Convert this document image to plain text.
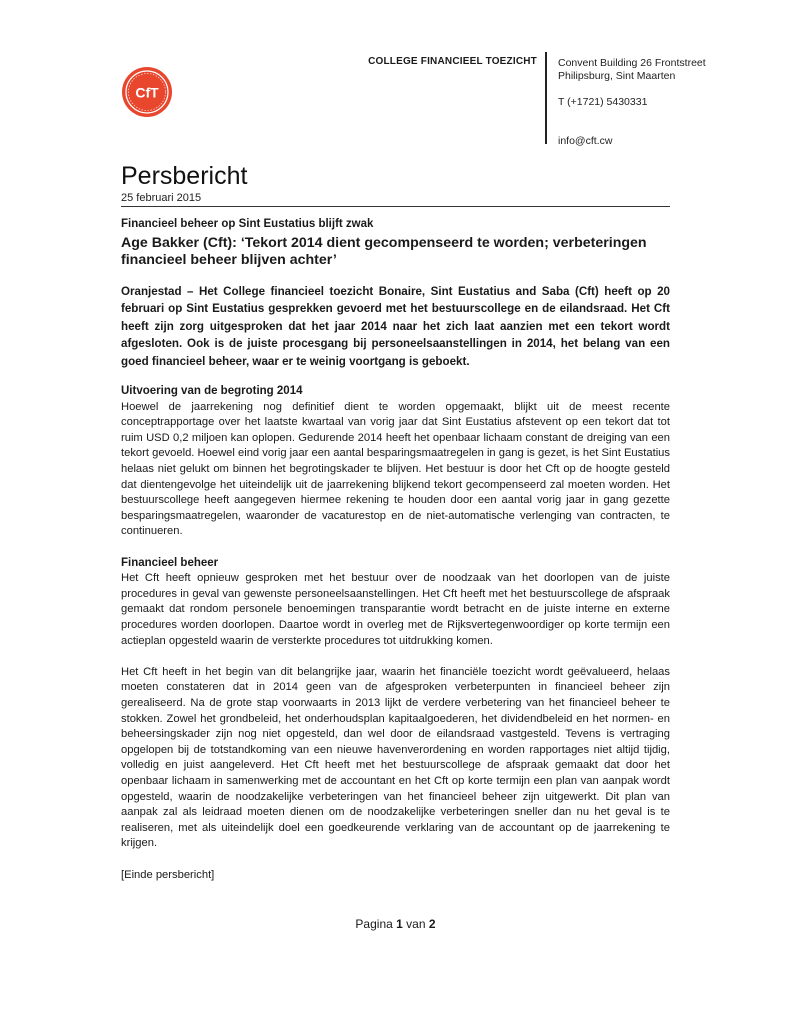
CfT
COLLEGE FINANCIEEL TOEZICHT Convent Building 26 Frontstreet
Philipsburg, Sint Maarten
T (+1721) 5430331
info@cft.cw
Persbericht
25 februari 2015
Financieel beheer op Sint Eustatius blijft zwak
Age Bakker (Cft): ‘Tekort 2014 dient gecompenseerd te worden; verbeteringen financieel beheer blijven achter’

Oranjestad – Het College financieel toezicht Bonaire, Sint Eustatius and Saba (Cft) heeft op 20 februari op Sint Eustatius gesprekken gevoerd met het bestuurscollege en de eilandsraad. Het Cft heeft zijn zorg uitgesproken dat het jaar 2014 naar het zich laat aanzien met een tekort wordt afgesloten. Ook is de juiste procesgang bij personeelsaanstellingen in 2014, het belang van een goed financieel beheer, waar er te weinig voortgang is geboekt.

Uitvoering van de begroting 2014

Hoewel de jaarrekening nog definitief dient te worden opgemaakt, blijkt uit de meest recente conceptrapportage over het laatste kwartaal van vorig jaar dat Sint Eustatius afstevent op een tekort dat tot ruim USD 0,2 miljoen kan oplopen. Gedurende 2014 heeft het openbaar lichaam constant de dreiging van een tekort gevoeld. Hoewel eind vorig jaar een aantal besparingsmaatregelen in gang is gezet, is het Sint Eustatius helaas niet gelukt om binnen het begrotingskader te blijven. Het bestuur is door het Cft op de hoogte gesteld dat dientengevolge het uiteindelijk uit de jaarrekening blijkend tekort gecompenseerd zal moeten worden. Het bestuurscollege heeft aangegeven hiermee rekening te houden door een aantal vorig jaar in gang gezette besparingsmaatregelen, waaronder de vacaturestop en de niet-automatische verlenging van contracten, te continueren.

Financieel beheer

Het Cft heeft opnieuw gesproken met het bestuur over de noodzaak van het doorlopen van de juiste procedures in geval van gewenste personeelsaanstellingen. Het Cft heeft met het bestuurscollege de afspraak gemaakt dat rondom personele benoemingen transparantie wordt betracht en de juiste interne en externe procedures worden doorlopen. Daartoe wordt in overleg met de Rijksvertegenwoordiger op korte termijn een actieplan opgesteld waarin de versterkte procedures tot uitdrukking komen.

Het Cft heeft in het begin van dit belangrijke jaar, waarin het financiële toezicht wordt geëvalueerd, helaas moeten constateren dat in 2014 geen van de afgesproken verbeterpunten in financieel beheer zijn gerealiseerd. Na de grote stap voorwaarts in 2013 lijkt de verdere verbetering van het financieel beheer te stokken. Zowel het grondbeleid, het onderhoudsplan kapitaalgoederen, het dividendbeleid en het normen- en beheersingskader zijn nog niet opgesteld, dan wel door de eilandsraad vastgesteld. Tevens is vertraging opgelopen bij de totstandkoming van een nieuwe havenverordening en worden rapportages niet altijd tijdig, volledig en juist aangeleverd. Het Cft heeft met het bestuurscollege de afspraak gemaakt dat door het openbaar lichaam in samenwerking met de accountant en het Cft op korte termijn een plan van aanpak wordt opgesteld, waarin de noodzakelijke verbeteringen van het financieel beheer zijn uitgewerkt. Dit plan van aanpak zal als leidraad moeten dienen om de noodzakelijke verbeteringen sneller dan nu het geval is te realiseren, met als uiteindelijk doel een goedkeurende verklaring van de accountant op de jaarrekening te krijgen.

[Einde persbericht]
Pagina 1 van 2
